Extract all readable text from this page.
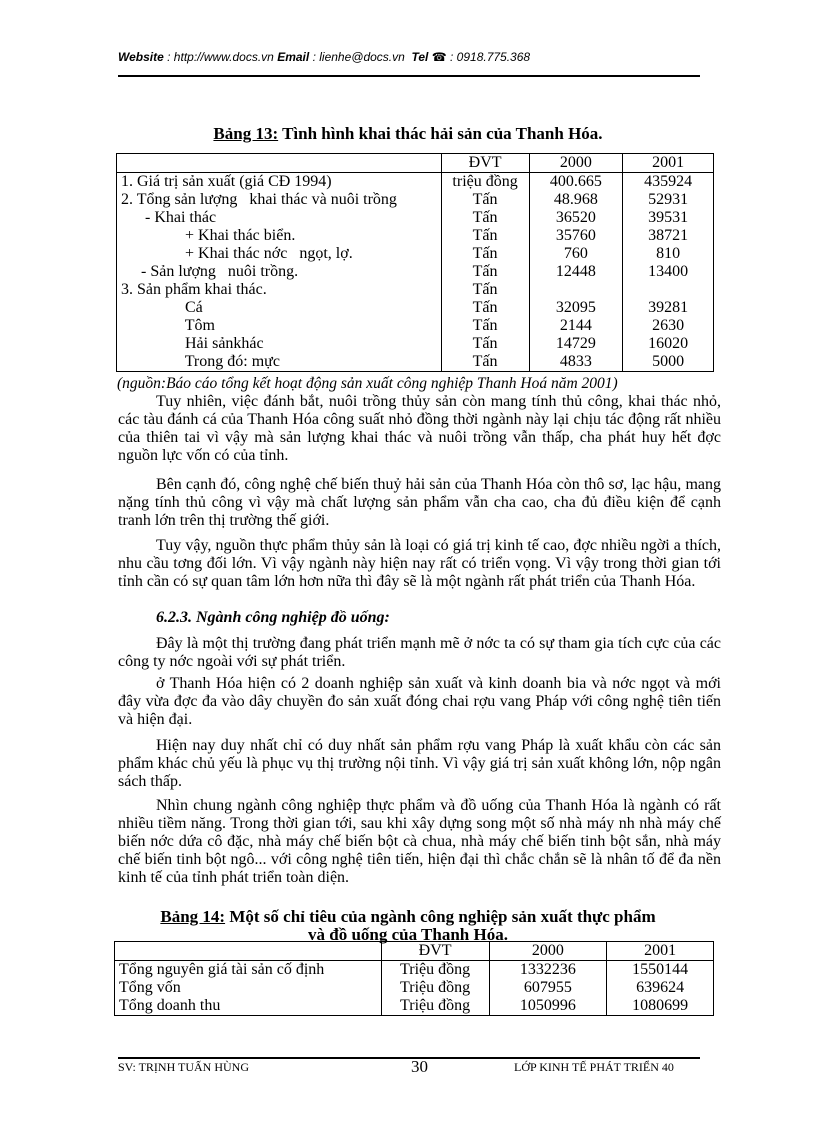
Website : http://www.docs.vn Email : lienhe@docs.vn Tel ☎ : 0918.775.368
Bảng 13: Tình hình khai thác hải sản của Thanh Hóa.
	ĐVT	2000	2001
1. Giá trị sản xuất (giá CĐ 1994)	triệu đồng	400.665	435924
2. Tổng sản lượng   khai thác và nuôi trồng	Tấn	48.968	52931
- Khai thác	Tấn	36520	39531
+ Khai thác biển.	Tấn	35760	38721
+ Khai thác nớc   ngọt, lợ.	Tấn	760	810
- Sản lượng   nuôi trồng.	Tấn	12448	13400
3. Sản phẩm khai thác.	Tấn		
Cá	Tấn	32095	39281
Tôm	Tấn	2144	2630
Hải sảnkhác	Tấn	14729	16020
Trong đó: mực	Tấn	4833	5000
(nguồn:Báo cáo tổng kết hoạt động sản xuất công nghiệp Thanh Hoá năm 2001)

Tuy nhiên, việc đánh bắt, nuôi trồng thủy sản còn mang tính thủ công, khai thác nhỏ, các tàu đánh cá của Thanh Hóa công suất nhỏ đồng thời ngành này lại chịu tác động rất nhiều của thiên tai vì vậy mà sản lượng khai thác và nuôi trồng vẫn thấp, cha phát huy hết đợc nguồn lực vốn có của tỉnh.

Bên cạnh đó, công nghệ chế biến thuỷ hải sản của Thanh Hóa còn thô sơ, lạc hậu, mang nặng tính thủ công vì vậy mà chất lượng sản phẩm vẫn cha cao, cha đủ điều kiện để cạnh tranh lớn trên thị trường thế giới.

Tuy vậy, nguồn thực phẩm thủy sản là loại có giá trị kinh tế cao, đợc nhiều ngời a thích, nhu cầu tơng đối lớn. Vì vậy ngành này hiện nay rất có triển vọng. Vì vậy trong thời gian tới tỉnh cần có sự quan tâm lớn hơn nữa thì đây sẽ là một ngành rất phát triển của Thanh Hóa.

6.2.3. Ngành công nghiệp đồ uống:

Đây là một thị trường đang phát triển mạnh mẽ ở nớc ta có sự tham gia tích cực của các công ty nớc ngoài với sự phát triển.

ở Thanh Hóa hiện có 2 doanh nghiệp sản xuất và kinh doanh bia và nớc ngọt và mới đây vừa đợc đa vào dây chuyền đo sản xuất đóng chai rợu vang Pháp với công nghệ tiên tiến và hiện đại.

Hiện nay duy nhất chỉ có duy nhất sản phẩm rợu vang Pháp là xuất khẩu còn các sản phẩm khác chủ yếu là phục vụ thị trường nội tỉnh. Vì vậy giá trị sản xuất không lớn, nộp ngân sách thấp.

Nhìn chung ngành công nghiệp thực phẩm và đồ uống của Thanh Hóa là ngành có rất nhiều tiềm năng. Trong thời gian tới, sau khi xây dựng song một số nhà máy nh nhà máy chế biến nớc dứa cô đặc, nhà máy chế biến bột cà chua, nhà máy chế biến tinh bột sắn, nhà máy chế biến tinh bột ngô... với công nghệ tiên tiến, hiện đại thì chắc chắn sẽ là nhân tố để đa nền kinh tế của tỉnh phát triển toàn diện.

Bảng 14: Một số chỉ tiêu của ngành công nghiệp sản xuất thực phẩm
và đồ uống của Thanh Hóa.
	ĐVT	2000	2001
Tổng nguyên giá tài sản cố định	Triệu đồng	1332236	1550144
Tổng vốn	Triệu đồng	607955	639624
Tổng doanh thu	Triệu đồng	1050996	1080699
SV: TRỊNH TUẤN HÙNG	30	LỚP KINH TẾ PHÁT TRIỂN 40
